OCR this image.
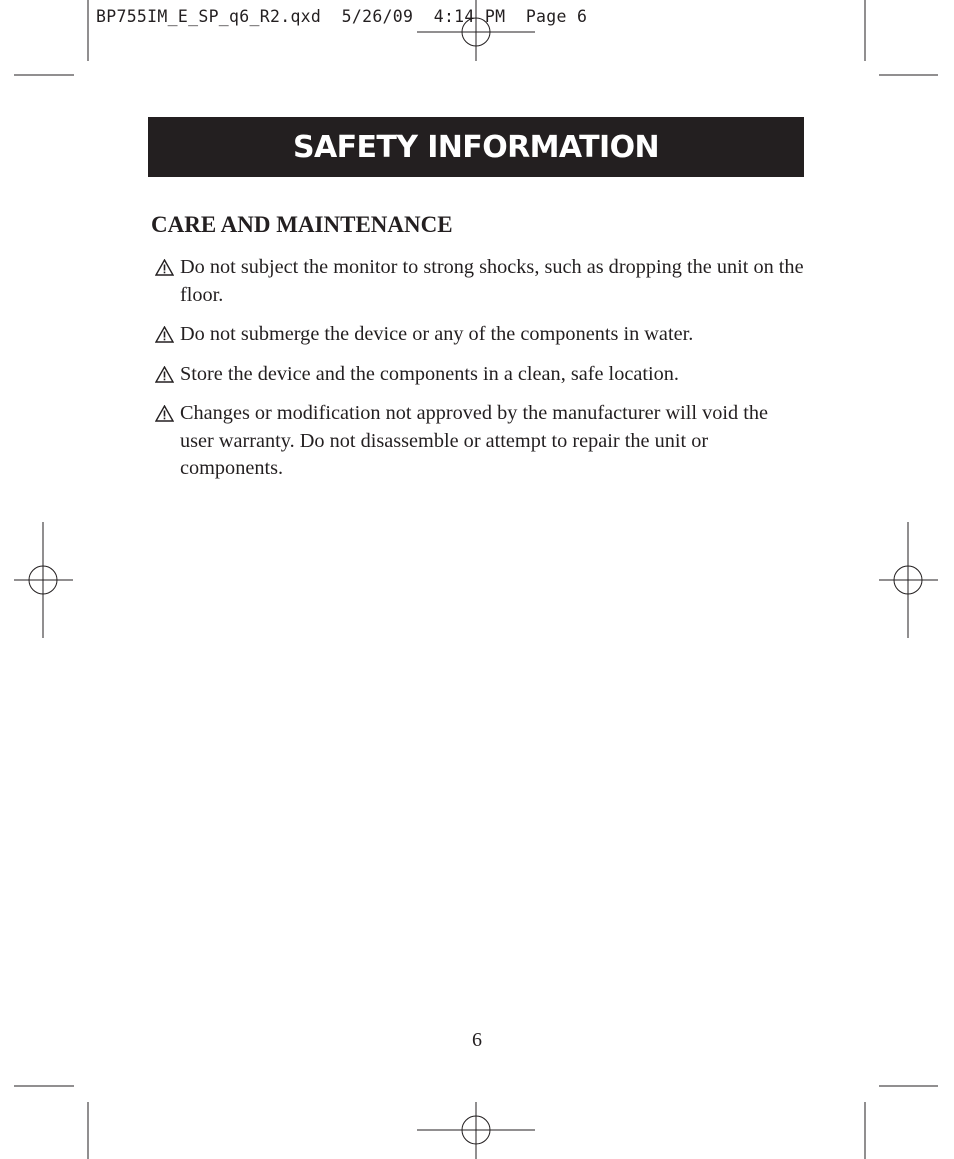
BP755IM_E_SP_q6_R2.qxd  5/26/09  4:14 PM  Page 6
SAFETY INFORMATION
CARE AND MAINTENANCE
Do not subject the monitor to strong shocks, such as dropping the unit on the floor.
Do not submerge the device or any of the components in water.
Store the device and the components in a clean, safe location.
Changes or modification not approved by the manufacturer will void the user warranty. Do not disassemble or attempt to repair the unit or components.
6
